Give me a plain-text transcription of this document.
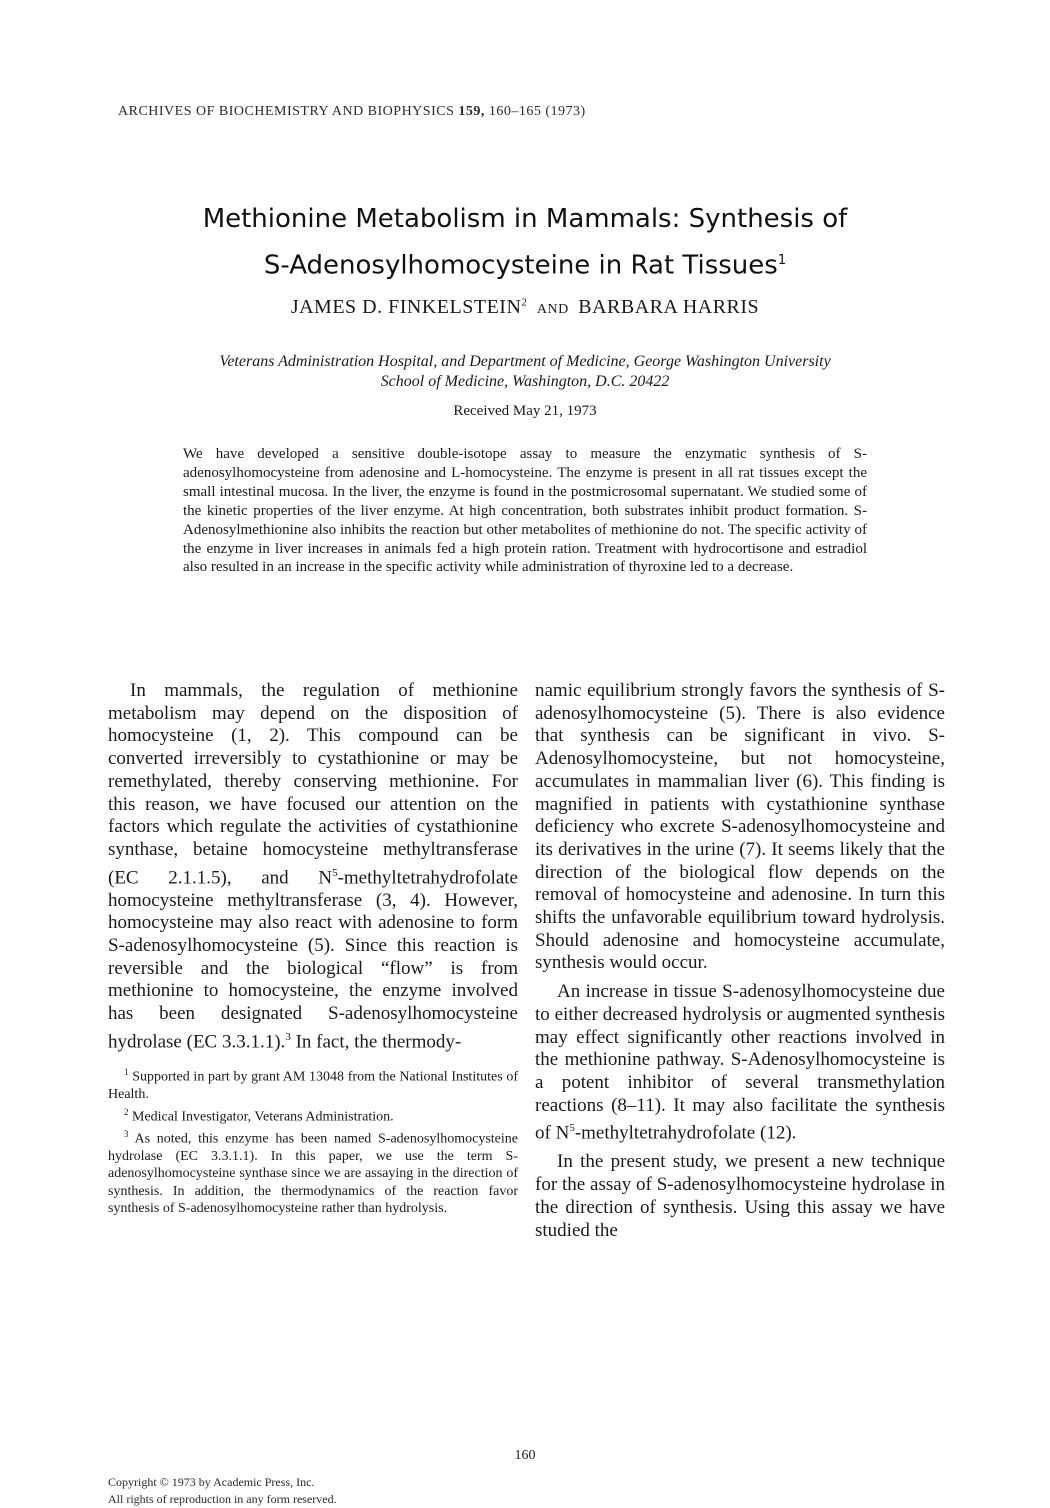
ARCHIVES OF BIOCHEMISTRY AND BIOPHYSICS 159, 160–165 (1973)
Methionine Metabolism in Mammals: Synthesis of
S-Adenosylhomocysteine in Rat Tissues$^1$
JAMES D. FINKELSTEIN$^2$ AND BARBARA HARRIS
Veterans Administration Hospital, and Department of Medicine, George Washington University
School of Medicine, Washington, D.C. 20422
Received May 21, 1973

We have developed a sensitive double-isotope assay to measure the enzymatic synthesis of S-adenosylhomocysteine from adenosine and L-homocysteine. The enzyme is present in all rat tissues except the small intestinal mucosa. In the liver, the enzyme is found in the postmicrosomal supernatant. We studied some of the kinetic properties of the liver enzyme. At high concentration, both substrates inhibit product formation. S-Adenosylmethionine also inhibits the reaction but other metabolites of methionine do not. The specific activity of the enzyme in liver increases in animals fed a high protein ration. Treatment with hydrocortisone and estradiol also resulted in an increase in the specific activity while administration of thyroxine led to a decrease.

In mammals, the regulation of methionine metabolism may depend on the disposition of homocysteine (1, 2). This compound can be converted irreversibly to cystathionine or may be remethylated, thereby conserving methionine. For this reason, we have focused our attention on the factors which regulate the activities of cystathionine synthase, betaine homocysteine methyltransferase (EC 2.1.1.5), and $N^5$-methyltetrahydrofolate homocysteine methyltransferase (3, 4). However, homocysteine may also react with adenosine to form S-adenosylhomocysteine (5). Since this reaction is reversible and the biological “flow” is from methionine to homocysteine, the enzyme involved has been designated S-adenosylhomocysteine hydrolase (EC 3.3.1.1).$^3$ In fact, the thermody-

$^1$ Supported in part by grant AM 13048 from the National Institutes of Health.

$^2$ Medical Investigator, Veterans Administration.

$^3$ As noted, this enzyme has been named S-adenosylhomocysteine hydrolase (EC 3.3.1.1). In this paper, we use the term S-adenosylhomocysteine synthase since we are assaying in the direction of synthesis. In addition, the thermodynamics of the reaction favor synthesis of S-adenosylhomocysteine rather than hydrolysis.

namic equilibrium strongly favors the synthesis of S-adenosylhomocysteine (5). There is also evidence that synthesis can be significant in vivo. S-Adenosylhomocysteine, but not homocysteine, accumulates in mammalian liver (6). This finding is magnified in patients with cystathionine synthase deficiency who excrete S-adenosylhomocysteine and its derivatives in the urine (7). It seems likely that the direction of the biological flow depends on the removal of homocysteine and adenosine. In turn this shifts the unfavorable equilibrium toward hydrolysis. Should adenosine and homocysteine accumulate, synthesis would occur.

An increase in tissue S-adenosylhomocysteine due to either decreased hydrolysis or augmented synthesis may effect significantly other reactions involved in the methionine pathway. S-Adenosylhomocysteine is a potent inhibitor of several transmethylation reactions (8–11). It may also facilitate the synthesis of $N^5$-methyltetrahydrofolate (12).

In the present study, we present a new technique for the assay of S-adenosylhomocysteine hydrolase in the direction of synthesis. Using this assay we have studied the

160
Copyright © 1973 by Academic Press, Inc.
All rights of reproduction in any form reserved.
